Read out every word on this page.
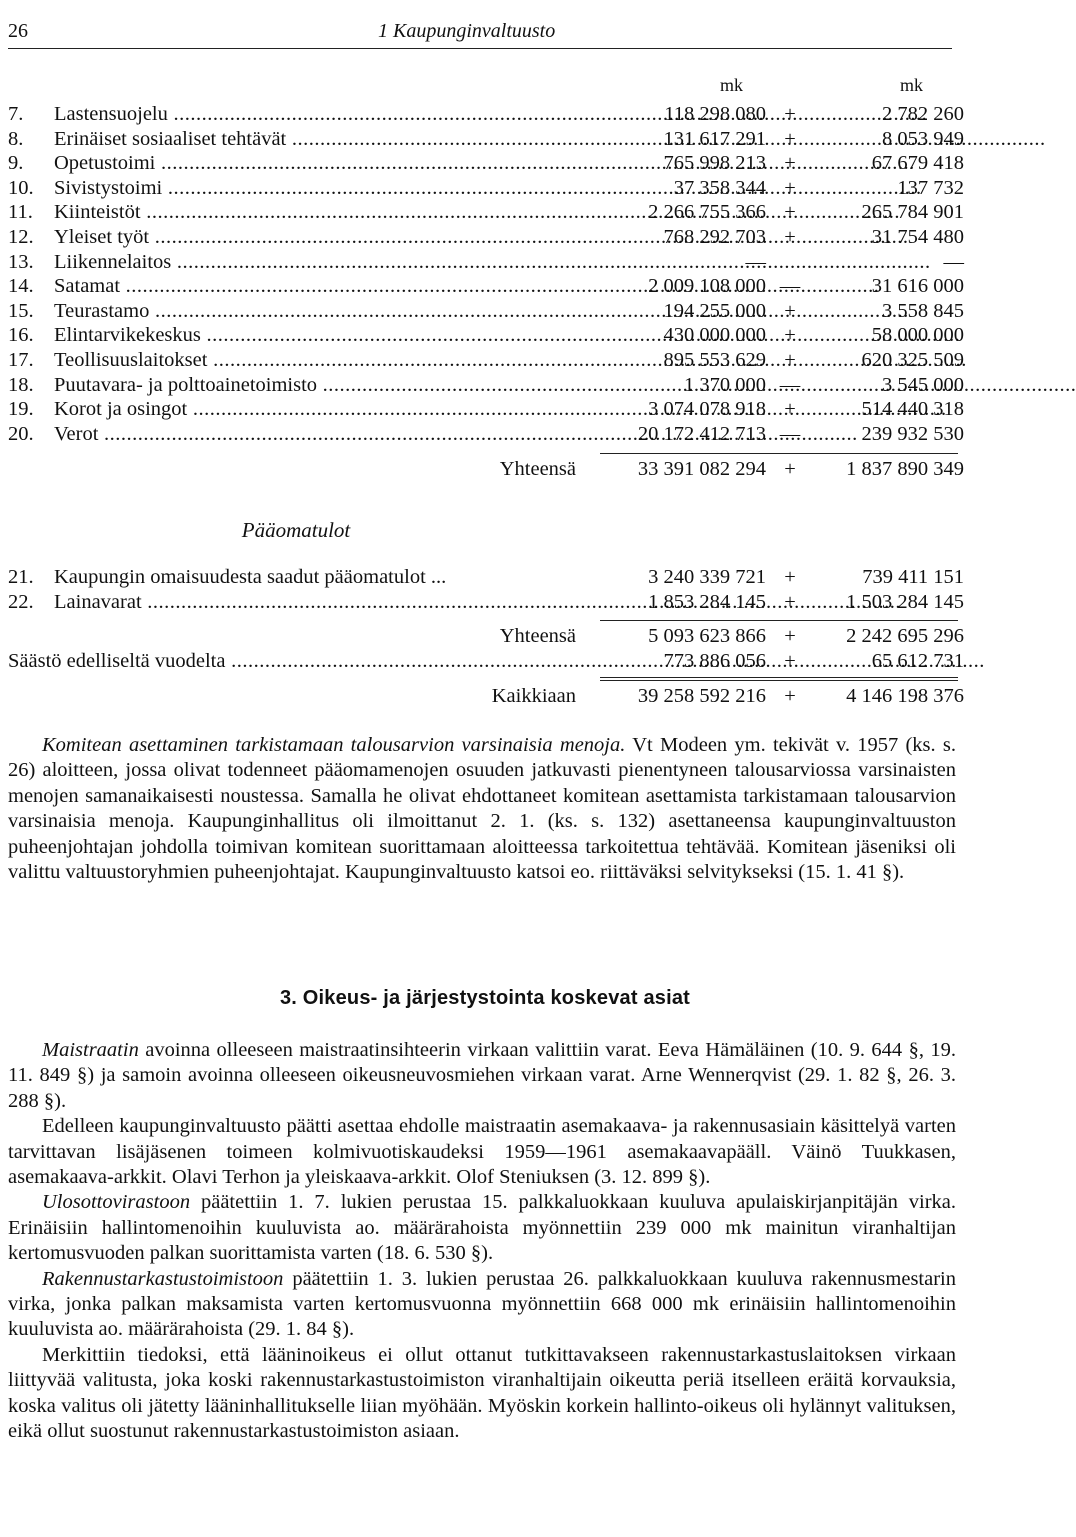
26	1 Kaupunginvaltuusto
mk	mk
7.	Lastensuojelu .....	118 298 080 +	2 782 260
8.	Erinäiset sosiaaliset tehtävät .....	131 617 291 +	8 053 949
9.	Opetustoimi .....	765 998 213 +	67 679 418
10. Sivistystoimi .....	37 358 344 +	137 732
11.	Kiinteistöt .....	2 266 755 366 +	265 784 901
12. Yleiset työt .....	768 292 703 +	31 754 480
13. Liikennelaitos .....	—	—
14. Satamat .....	2 009 108 000 —	31 616 000
15. Teurastamo .....	194 255 000 +	3 558 845
16. Elintarvikekeskus .....	430 000 000 +	58 000 000
17. Teollisuuslaitokset .....	895 553 629 +	620 325 509
18. Puutavara- ja polttoainetoimisto .....	1 370 000 —	3 545 000
19. Korot ja osingot .....	3 074 078 918 +	514 440 318
20. Verot .....	20 172 412 713 —	239 932 530
Yhteensä	33 391 082 294 +	1 837 890 349
Pääomatulot
21. Kaupungin omaisuudesta saadut pääomatulot ...	3 240 339 721 +	739 411 151
22. Lainavarat .....	1 853 284 145 +	1 503 284 145
Yhteensä	5 093 623 866 +	2 242 695 296
Säästö edelliseltä vuodelta .....	773 886 056 +	65 612 731
Kaikkiaan	39 258 592 216 +	4 146 198 376

Komitean asettaminen tarkistamaan talousarvion varsinaisia menoja. Vt Modeen ym. tekivät v. 1957 (ks. s. 26) aloitteen, jossa olivat todenneet pääomamenojen osuuden jatkuvasti pienentyneen talousarviossa varsinaisten menojen samanaikaisesti noustessa. Samalla he olivat ehdottaneet komitean asettamista tarkistamaan talousarvion varsinaisia menoja. Kaupunginhallitus oli ilmoittanut 2. 1. (ks. s. 132) asettaneensa kaupunginvaltuuston puheenjohtajan johdolla toimivan komitean suorittamaan aloitteessa tarkoitettua tehtävää. Komitean jäseniksi oli valittu valtuustoryhmien puheenjohtajat. Kaupunginvaltuusto katsoi eo. riittäväksi selvitykseksi (15. 1. 41 §).

3. Oikeus- ja järjestystointa koskevat asiat

Maistraatin avoinna olleeseen maistraatinsihteerin virkaan valittiin varat. Eeva Hämäläinen (10. 9. 644 §, 19. 11. 849 §) ja samoin avoinna olleeseen oikeusneuvosmiehen virkaan varat. Arne Wennerqvist (29. 1. 82 §, 26. 3. 288 §).

Edelleen kaupunginvaltuusto päätti asettaa ehdolle maistraatin asemakaava- ja rakennusasiain käsittelyä varten tarvittavan lisäjäsenen toimeen kolmivuotiskaudeksi 1959—1961 asemakaavapääll. Väinö Tuukkasen, asemakaava-arkkit. Olavi Terhon ja yleiskaava-arkkit. Olof Steniuksen (3. 12. 899 §).

Ulosottovirastoon päätettiin 1. 7. lukien perustaa 15. palkkaluokkaan kuuluva apulaiskirjanpitäjän virka. Erinäisiin hallintomenoihin kuuluvista ao. määrärahoista myönnettiin 239 000 mk mainitun viranhaltijan kertomusvuoden palkan suorittamista varten (18. 6. 530 §).

Rakennustarkastustoimistoon päätettiin 1. 3. lukien perustaa 26. palkkaluokkaan kuuluva rakennusmestarin virka, jonka palkan maksamista varten kertomusvuonna myönnettiin 668 000 mk erinäisiin hallintomenoihin kuuluvista ao. määrärahoista (29. 1. 84 §).

Merkittiin tiedoksi, että lääninoikeus ei ollut ottanut tutkittavakseen rakennustarkastuslaitoksen virkaan liittyvää valitusta, joka koski rakennustarkastustoimiston viranhaltijain oikeutta periä itselleen eräitä korvauksia, koska valitus oli jätetty lääninhallitukselle liian myöhään. Myöskin korkein hallinto-oikeus oli hylännyt valituksen, eikä ollut suostunut rakennustarkastustoimiston asiaan.
